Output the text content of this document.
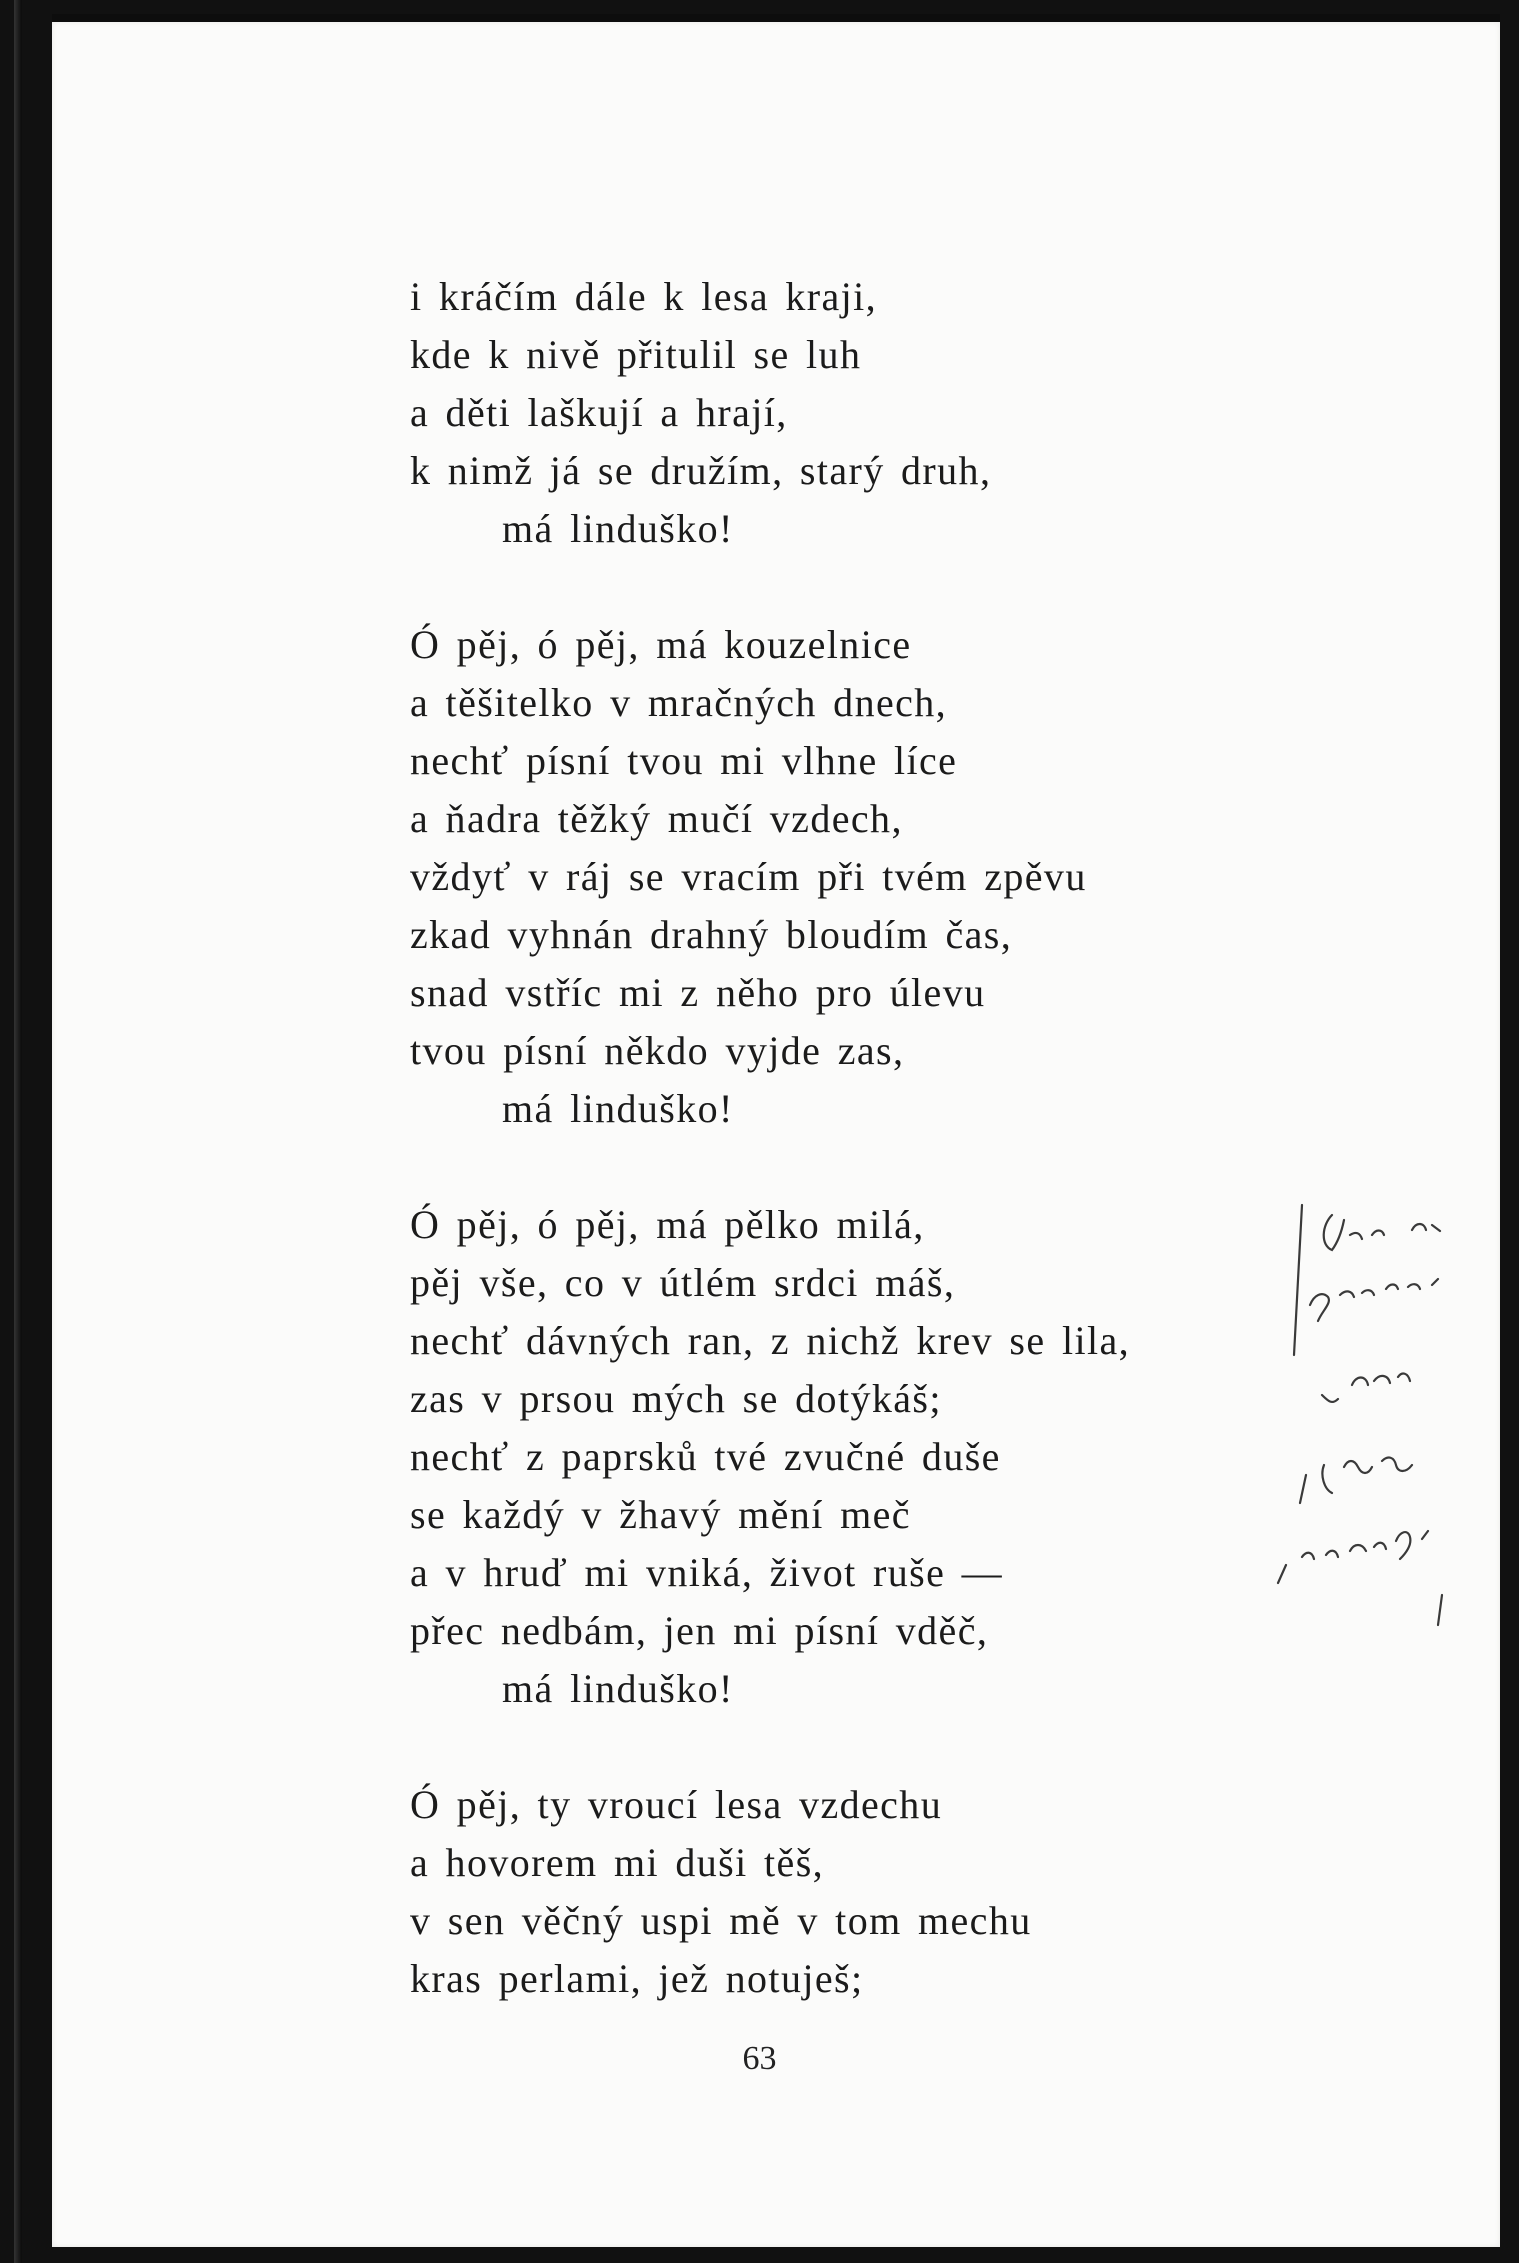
i kráčím dále k lesa kraji,
kde k nivě přitulil se luh
a děti laškují a hrají,
k nimž já se družím, starý druh,
má linduško!
Ó pěj, ó pěj, má kouzelnice
a těšitelko v mračných dnech,
nechť písní tvou mi vlhne líce
a ňadra těžký mučí vzdech,
vždyť v ráj se vracím při tvém zpěvu
zkad vyhnán drahný bloudím čas,
snad vstříc mi z něho pro úlevu
tvou písní někdo vyjde zas,
má linduško!
Ó pěj, ó pěj, má pělko milá,
pěj vše, co v útlém srdci máš,
nechť dávných ran, z nichž krev se lila,
zas v prsou mých se dotýkáš;
nechť z paprsků tvé zvučné duše
se každý v žhavý mění meč
a v hruď mi vniká, život ruše —
přec nedbám, jen mi písní vděč,
má linduško!
Ó pěj, ty vroucí lesa vzdechu
a hovorem mi duši těš,
v sen věčný uspi mě v tom mechu
kras perlami, jež notuješ;
63
